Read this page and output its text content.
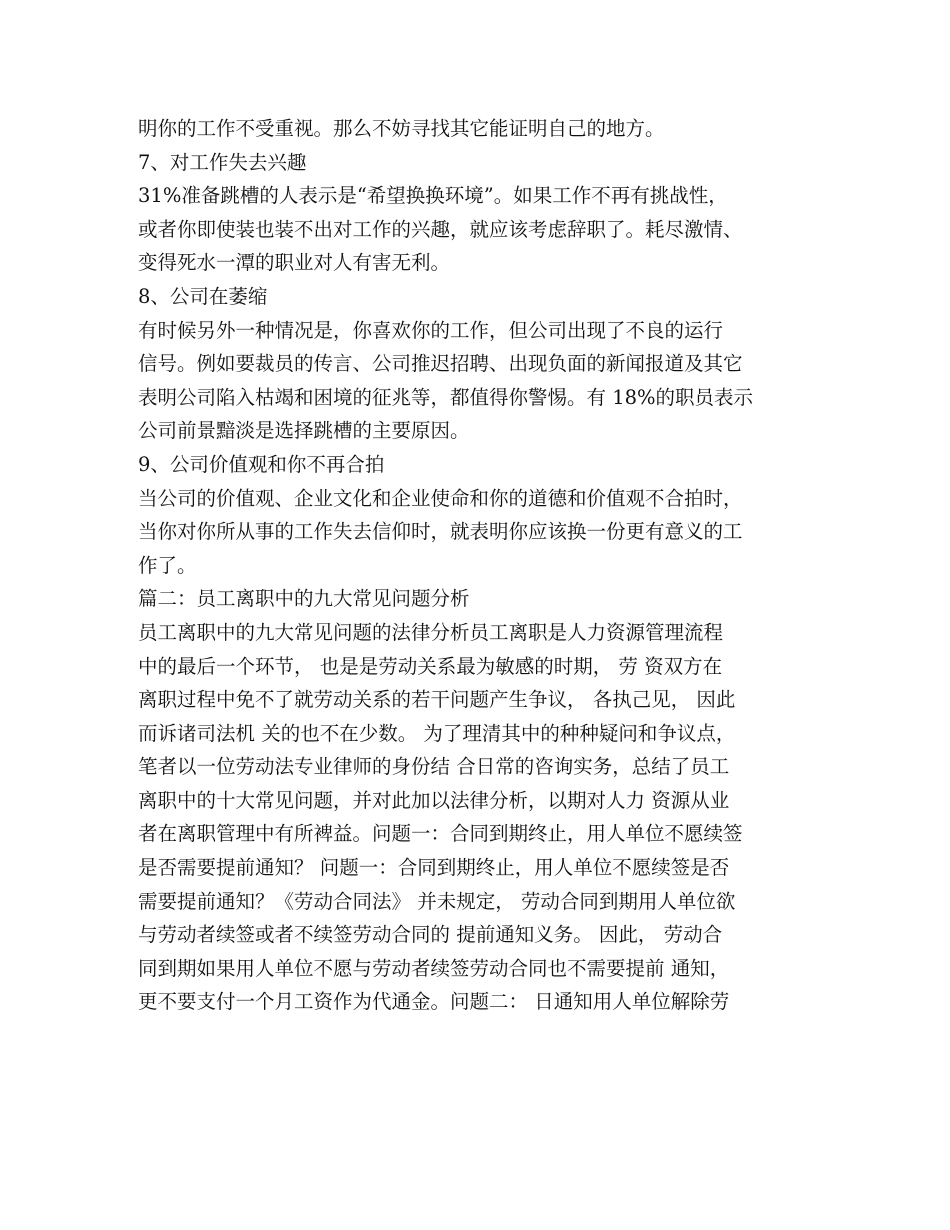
明你的工作不受重视。那么不妨寻找其它能证明自己的地方。
7、对工作失去兴趣
31%准备跳槽的人表示是“希望换换环境”。如果工作不再有挑战性，
或者你即使装也装不出对工作的兴趣，就应该考虑辞职了。耗尽激情、
变得死水一潭的职业对人有害无利。
8、公司在萎缩
有时候另外一种情况是，你喜欢你的工作，但公司出现了不良的运行
信号。例如要裁员的传言、公司推迟招聘、出现负面的新闻报道及其它
表明公司陷入枯竭和困境的征兆等，都值得你警惕。有 18%的职员表示
公司前景黯淡是选择跳槽的主要原因。
9、公司价值观和你不再合拍
当公司的价值观、企业文化和企业使命和你的道德和价值观不合拍时，
当你对你所从事的工作失去信仰时，就表明你应该换一份更有意义的工
作了。
篇二：员工离职中的九大常见问题分析
员工离职中的九大常见问题的法律分析员工离职是人力资源管理流程
中的最后一个环节， 也是是劳动关系最为敏感的时期， 劳 资双方在
离职过程中免不了就劳动关系的若干问题产生争议， 各执己见， 因此
而诉诸司法机 关的也不在少数。 为了理清其中的种种疑问和争议点，
笔者以一位劳动法专业律师的身份结 合日常的咨询实务，总结了员工
离职中的十大常见问题，并对此加以法律分析，以期对人力 资源从业
者在离职管理中有所裨益。问题一：合同到期终止，用人单位不愿续签
是否需要提前通知？ 问题一：合同到期终止，用人单位不愿续签是否
需要提前通知？《劳动合同法》 并未规定， 劳动合同到期用人单位欲
与劳动者续签或者不续签劳动合同的 提前通知义务。 因此， 劳动合
同到期如果用人单位不愿与劳动者续签劳动合同也不需要提前 通知，
更不要支付一个月工资作为代通金。问题二： 日通知用人单位解除劳
